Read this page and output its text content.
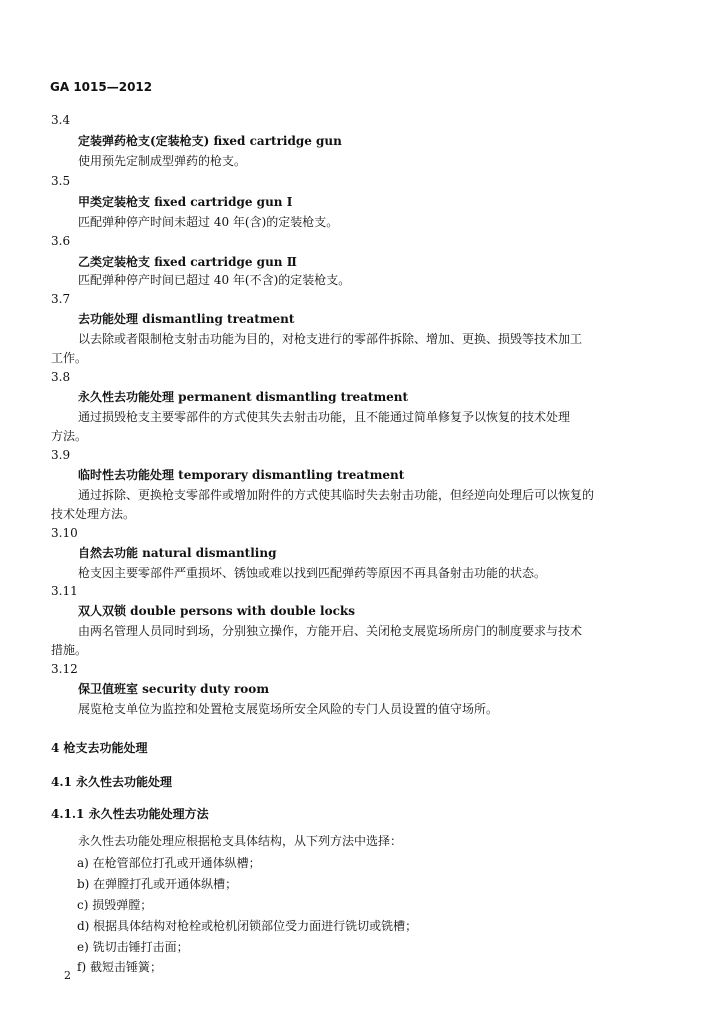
GA 1015—2012
3.4
定装弹药枪支(定装枪支) fixed cartridge gun
使用预先定制成型弹药的枪支。
3.5
甲类定装枪支 fixed cartridge gun Ⅰ
匹配弹种停产时间未超过 40 年(含)的定装枪支。
3.6
乙类定装枪支 fixed cartridge gun Ⅱ
匹配弹种停产时间已超过 40 年(不含)的定装枪支。
3.7
去功能处理 dismantling treatment
以去除或者限制枪支射击功能为目的，对枪支进行的零部件拆除、增加、更换、损毁等技术加工
工作。
3.8
永久性去功能处理 permanent dismantling treatment
通过损毁枪支主要零部件的方式使其失去射击功能，且不能通过简单修复予以恢复的技术处理
方法。
3.9
临时性去功能处理 temporary dismantling treatment
通过拆除、更换枪支零部件或增加附件的方式使其临时失去射击功能，但经逆向处理后可以恢复的
技术处理方法。
3.10
自然去功能 natural dismantling
枪支因主要零部件严重损坏、锈蚀或难以找到匹配弹药等原因不再具备射击功能的状态。
3.11
双人双锁 double persons with double locks
由两名管理人员同时到场，分别独立操作，方能开启、关闭枪支展览场所房门的制度要求与技术
措施。
3.12
保卫值班室 security duty room
展览枪支单位为监控和处置枪支展览场所安全风险的专门人员设置的值守场所。
4 枪支去功能处理
4.1 永久性去功能处理
4.1.1 永久性去功能处理方法
永久性去功能处理应根据枪支具体结构，从下列方法中选择：
a) 在枪管部位打孔或开通体纵槽；
b) 在弹膛打孔或开通体纵槽；
c) 损毁弹膛；
d) 根据具体结构对枪栓或枪机闭锁部位受力面进行铣切或铣槽；
e) 铣切击锤打击面；
f) 截短击锤簧；
2
